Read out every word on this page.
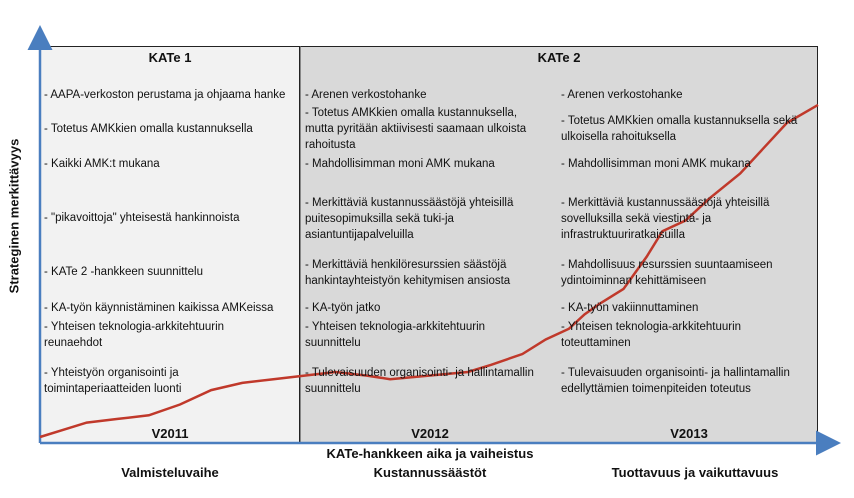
KATe 1	KATe 2
- AAPA-verkoston perustama ja ohjaama hanke
- Totetus AMKkien omalla kustannuksella
- Kaikki AMK:t mukana
- "pikavoittoja" yhteisestä hankinnoista
- KATe 2 -hankkeen suunnittelu
- KA-työn käynnistäminen kaikissa AMKeissa
- Yhteisen teknologia-arkkitehtuurin
reunaehdot
- Yhteistyön organisointi ja
toimintaperiaatteiden luonti
- Arenen verkostohanke
- Totetus AMKkien omalla kustannuksella,
mutta pyritään aktiivisesti saamaan ulkoista
rahoitusta
- Mahdollisimman moni AMK mukana
- Merkittäviä kustannussäästöjä yhteisillä
puitesopimuksilla sekä tuki-ja
asiantuntijapalveluilla
- Merkittäviä henkilöresurssien säästöjä
hankintayhteistyön kehitymisen ansiosta
- KA-työn jatko
- Yhteisen teknologia-arkkitehtuurin
suunnittelu
- Tulevaisuuden organisointi- ja hallintamallin
suunnittelu
- Arenen verkostohanke
- Totetus AMKkien omalla kustannuksella sekä
ulkoisella rahoituksella
- Mahdollisimman moni AMK mukana
- Merkittäviä kustannussäästöjä yhteisillä
sovelluksilla sekä viestintä- ja
infrastruktuuriratkaisuilla
- Mahdollisuus resurssien suuntaamiseen
ydintoiminnan kehittämiseen
- KA-työn vakiinnuttaminen
- Yhteisen teknologia-arkkitehtuurin
toteuttaminen
- Tulevaisuuden organisointi- ja hallintamallin
edellyttämien toimenpiteiden toteutus
V2011	V2012	V2013
KATe-hankkeen aika ja vaiheistus
Strateginen merkittävyys
Valmisteluvaihe	Kustannussäästöt	Tuottavuus ja vaikuttavuus
